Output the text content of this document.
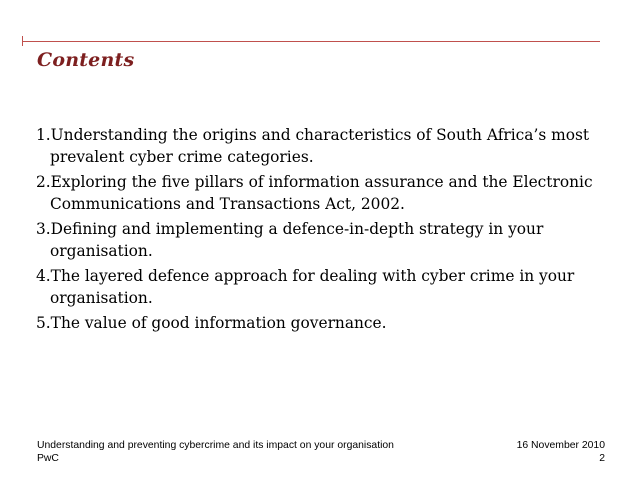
Contents
1.Understanding the origins and characteristics of South Africa’s most prevalent cyber crime categories.
2.Exploring the five pillars of information assurance and the Electronic Communications and Transactions Act, 2002.
3.Defining and implementing a defence-in-depth strategy in your organisation.
4.The layered defence approach for dealing with cyber crime in your organisation.
5.The value of good information governance.
Understanding and preventing cybercrime and its impact on your organisation
PwC
16 November 2010
2
